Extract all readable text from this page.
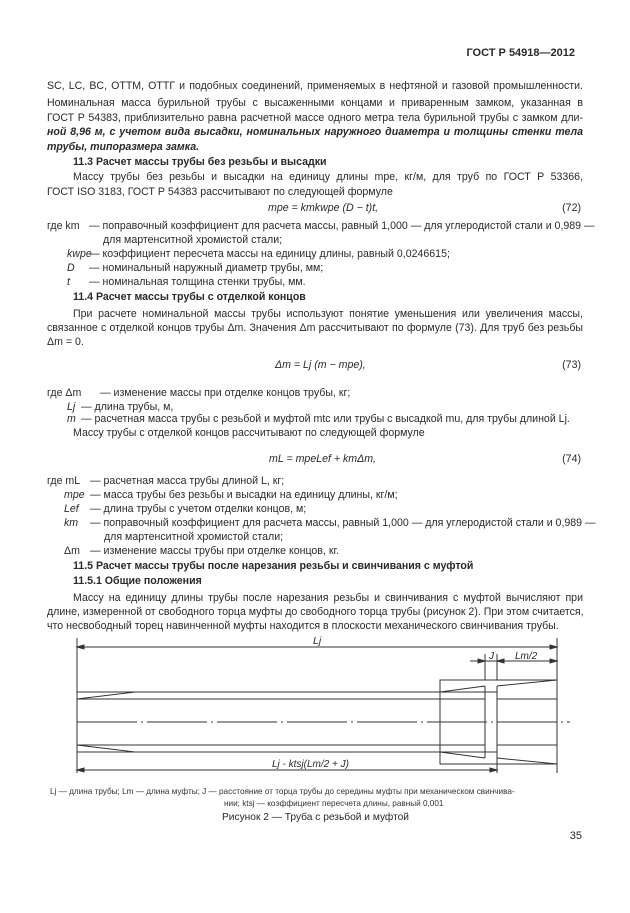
ГОСТ Р 54918—2012
SC, LC, BC, ОТТМ, ОТТГ и подобных соединений, применяемых в нефтяной и газовой промышленности.
Номинальная масса бурильной трубы с высаженными концами и приваренным замком, указанная в
ГОСТ Р 54383, приблизительно равна расчетной массе одного метра тела бурильной трубы с замком дли-
ной 8,96 м, с учетом вида высадки, номинальных наружного диаметра и толщины стенки тела
трубы, типоразмера замка.
11.3 Расчет массы трубы без резьбы и высадки
Массу трубы без резьбы и высадки на единицу длины mpe, кг/м, для труб по ГОСТ Р 53366,
ГОСТ ISO 3183, ГОСТ Р 54383 рассчитывают по следующей формуле
mpe = kmkwpe (D − t)t,	(72)
где km — поправочный коэффициент для расчета массы, равный 1,000 — для углеродистой стали и 0,989 —
для мартенситной хромистой стали;
kwpe
— коэффициент пересчета массы на единицу длины, равный 0,0246615;
D — номинальный наружный диаметр трубы, мм;
t — номинальная толщина стенки трубы, мм.
11.4 Расчет массы трубы с отделкой концов
При расчете номинальной массы трубы используют понятие уменьшения или увеличения массы,
связанное с отделкой концов трубы Δm. Значения Δm рассчитывают по формуле (73). Для труб без резьбы
Δm = 0.
Δm = Lj (m − mpe),	(73)
где Δm — изменение массы при отделке концов трубы, кг;
Lj — длина трубы, м,
m — расчетная масса трубы с резьбой и муфтой mtc или трубы с высадкой mu, для трубы длиной Lj.
Массу трубы с отделкой концов рассчитывают по следующей формуле
mL = mpeLef + kmΔm,	(74)
где mL — расчетная масса трубы длиной L, кг;
mpe — масса трубы без резьбы и высадки на единицу длины, кг/м;
Lef — длина трубы с учетом отделки концов, м;
km — поправочный коэффициент для расчета массы, равный 1,000 — для углеродистой стали и 0,989 —
для мартенситной хромистой стали;
Δm — изменение массы трубы при отделке концов, кг.
11.5 Расчет массы трубы после нарезания резьбы и свинчивания с муфтой
11.5.1 Общие положения
Массу на единицу длины трубы после нарезания резьбы и свинчивания с муфтой вычисляют при
длине, измеренной от свободного торца муфты до свободного торца трубы (рисунок 2). При этом считается,
что несвободный торец навинченной муфты находится в плоскости механического свинчивания трубы.
Lj
J Lm/2
Lj - ktsj(Lm/2 + J)
Lj — длина трубы; Lm — длина муфты; J — расстояние от торца трубы до середины муфты при механическом свинчива-
нии; ktsj — коэффициент пересчета длины, равный 0,001
Рисунок 2 — Труба с резьбой и муфтой
35
